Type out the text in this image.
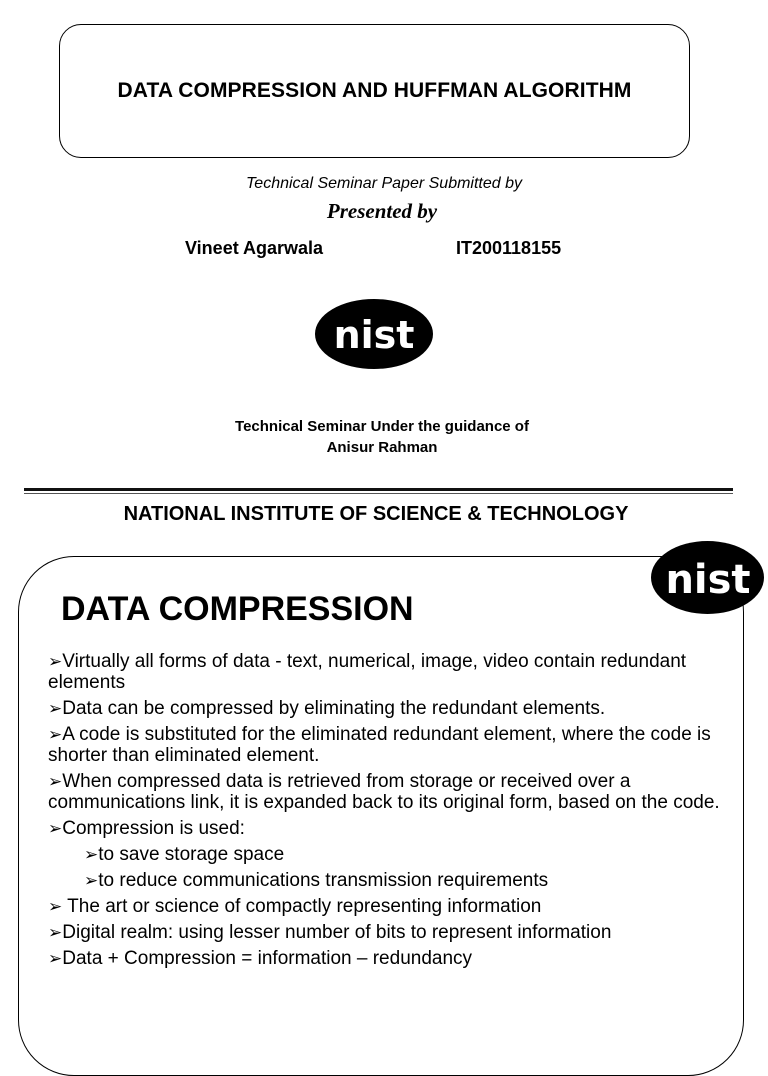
DATA COMPRESSION AND HUFFMAN ALGORITHM
Technical Seminar Paper Submitted by
Presented by
Vineet Agarwala	IT200118155
nist
Technical Seminar Under the guidance of
Anisur Rahman
NATIONAL INSTITUTE OF SCIENCE & TECHNOLOGY
nist
DATA COMPRESSION
➢Virtually all forms of data - text, numerical, image, video contain redundant elements
➢Data can be compressed by eliminating the redundant elements.
➢A code is substituted for the eliminated redundant element, where the code is shorter than eliminated element.
➢When compressed data is retrieved from storage or received over a communications link, it is expanded back to its original form, based on the code.
➢Compression is used:
➢to save storage space
➢to reduce communications transmission requirements
➢ The art or science of compactly representing information
➢Digital realm: using lesser number of bits to represent information
➢Data + Compression = information – redundancy
